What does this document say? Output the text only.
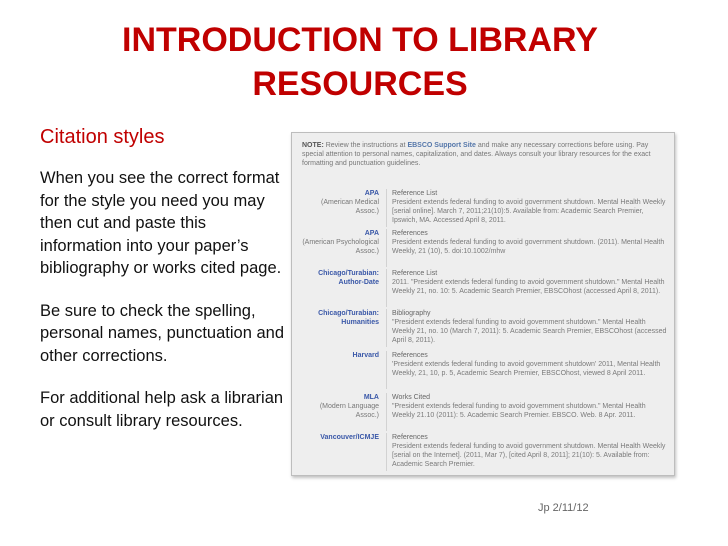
INTRODUCTION TO LIBRARY
RESOURCES
Citation styles
When you see the correct format for the style you need you may then cut and paste this information into your paper’s bibliography or works cited page.
Be sure to check the spelling, personal names, punctuation and other corrections.
For additional help ask a librarian or consult library resources.
NOTE: Review the instructions at EBSCO Support Site and make any necessary corrections before using. Pay special attention to personal names, capitalization, and dates. Always consult your library resources for the exact formatting and punctuation guidelines.
APA
(American Medical Assoc.)
Reference List
President extends federal funding to avoid government shutdown. Mental Health Weekly [serial online]. March 7, 2011;21(10):5. Available from: Academic Search Premier, Ipswich, MA. Accessed April 8, 2011.
APA
(American Psychological Assoc.)
References
President extends federal funding to avoid government shutdown. (2011). Mental Health Weekly, 21 (10), 5. doi:10.1002/mhw
Chicago/Turabian: Author-Date
Reference List
2011. "President extends federal funding to avoid government shutdown." Mental Health Weekly 21, no. 10: 5. Academic Search Premier, EBSCOhost (accessed April 8, 2011).
Chicago/Turabian: Humanities
Bibliography
"President extends federal funding to avoid government shutdown." Mental Health Weekly 21, no. 10 (March 7, 2011): 5. Academic Search Premier, EBSCOhost (accessed April 8, 2011).
Harvard References
'President extends federal funding to avoid government shutdown' 2011, Mental Health Weekly, 21, 10, p. 5, Academic Search Premier, EBSCOhost, viewed 8 April 2011.
MLA
(Modern Language Assoc.)
Works Cited
"President extends federal funding to avoid government shutdown." Mental Health Weekly 21.10 (2011): 5. Academic Search Premier. EBSCO. Web. 8 Apr. 2011.
Vancouver/ICMJE References
President extends federal funding to avoid government shutdown. Mental Health Weekly [serial on the Internet]. (2011, Mar 7), [cited April 8, 2011]; 21(10): 5. Available from: Academic Search Premier.
Jp 2/11/12
